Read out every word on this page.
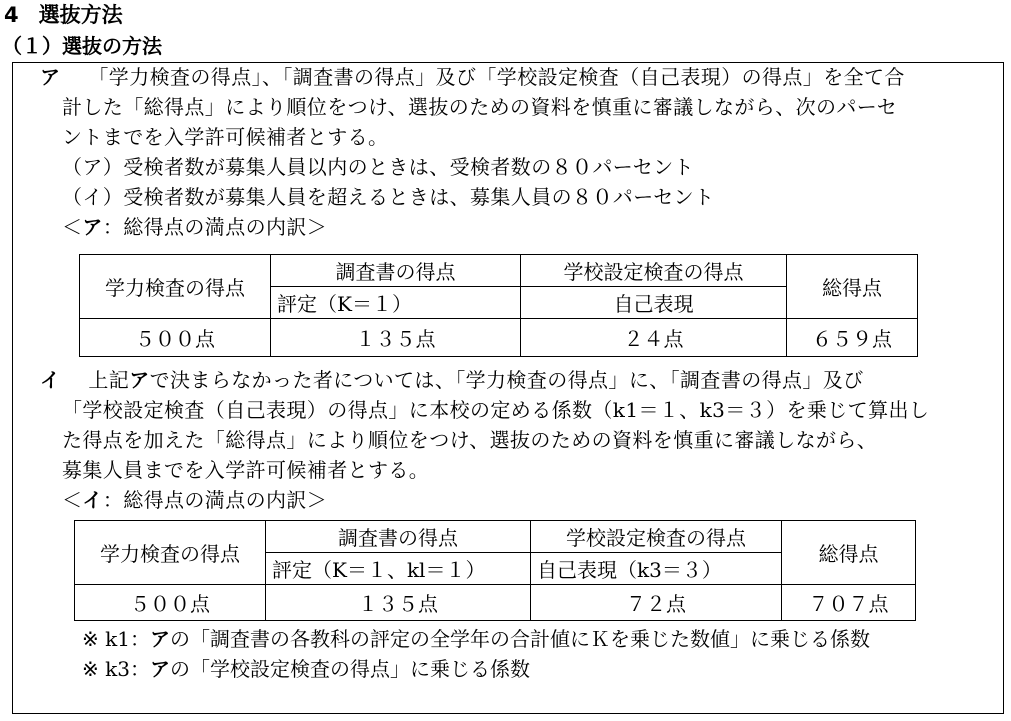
4 選抜方法
（１）選抜の方法
ア 「学力検査の得点」、「調査書の得点」及び「学校設定検査（自己表現）の得点」を全て合
計した「総得点」により順位をつけ、選抜のための資料を慎重に審議しながら、次のパーセ
ントまでを入学許可候補者とする。
（ア）受検者数が募集人員以内のときは、受検者数の８０パーセント
（イ）受検者数が募集人員を超えるときは、募集人員の８０パーセント
＜ア：総得点の満点の内訳＞
学力検査の得点	調査書の得点	学校設定検査の得点	総得点
	評定（K＝１）	自己表現	
５００点	１３５点	２４点	６５９点
イ 上記アで決まらなかった者については、「学力検査の得点」に、「調査書の得点」及び
「学校設定検査（自己表現）の得点」に本校の定める係数（k1＝１、k3＝３）を乗じて算出し
た得点を加えた「総得点」により順位をつけ、選抜のための資料を慎重に審議しながら、
募集人員までを入学許可候補者とする。
＜イ：総得点の満点の内訳＞
学力検査の得点	調査書の得点	学校設定検査の得点	総得点
	評定（K＝１、kl＝１）	自己表現（k3＝３）	
５００点	１３５点	７２点	７０７点
※ k1：アの「調査書の各教科の評定の全学年の合計値にＫを乗じた数値」に乗じる係数
※ k3：アの「学校設定検査の得点」に乗じる係数
